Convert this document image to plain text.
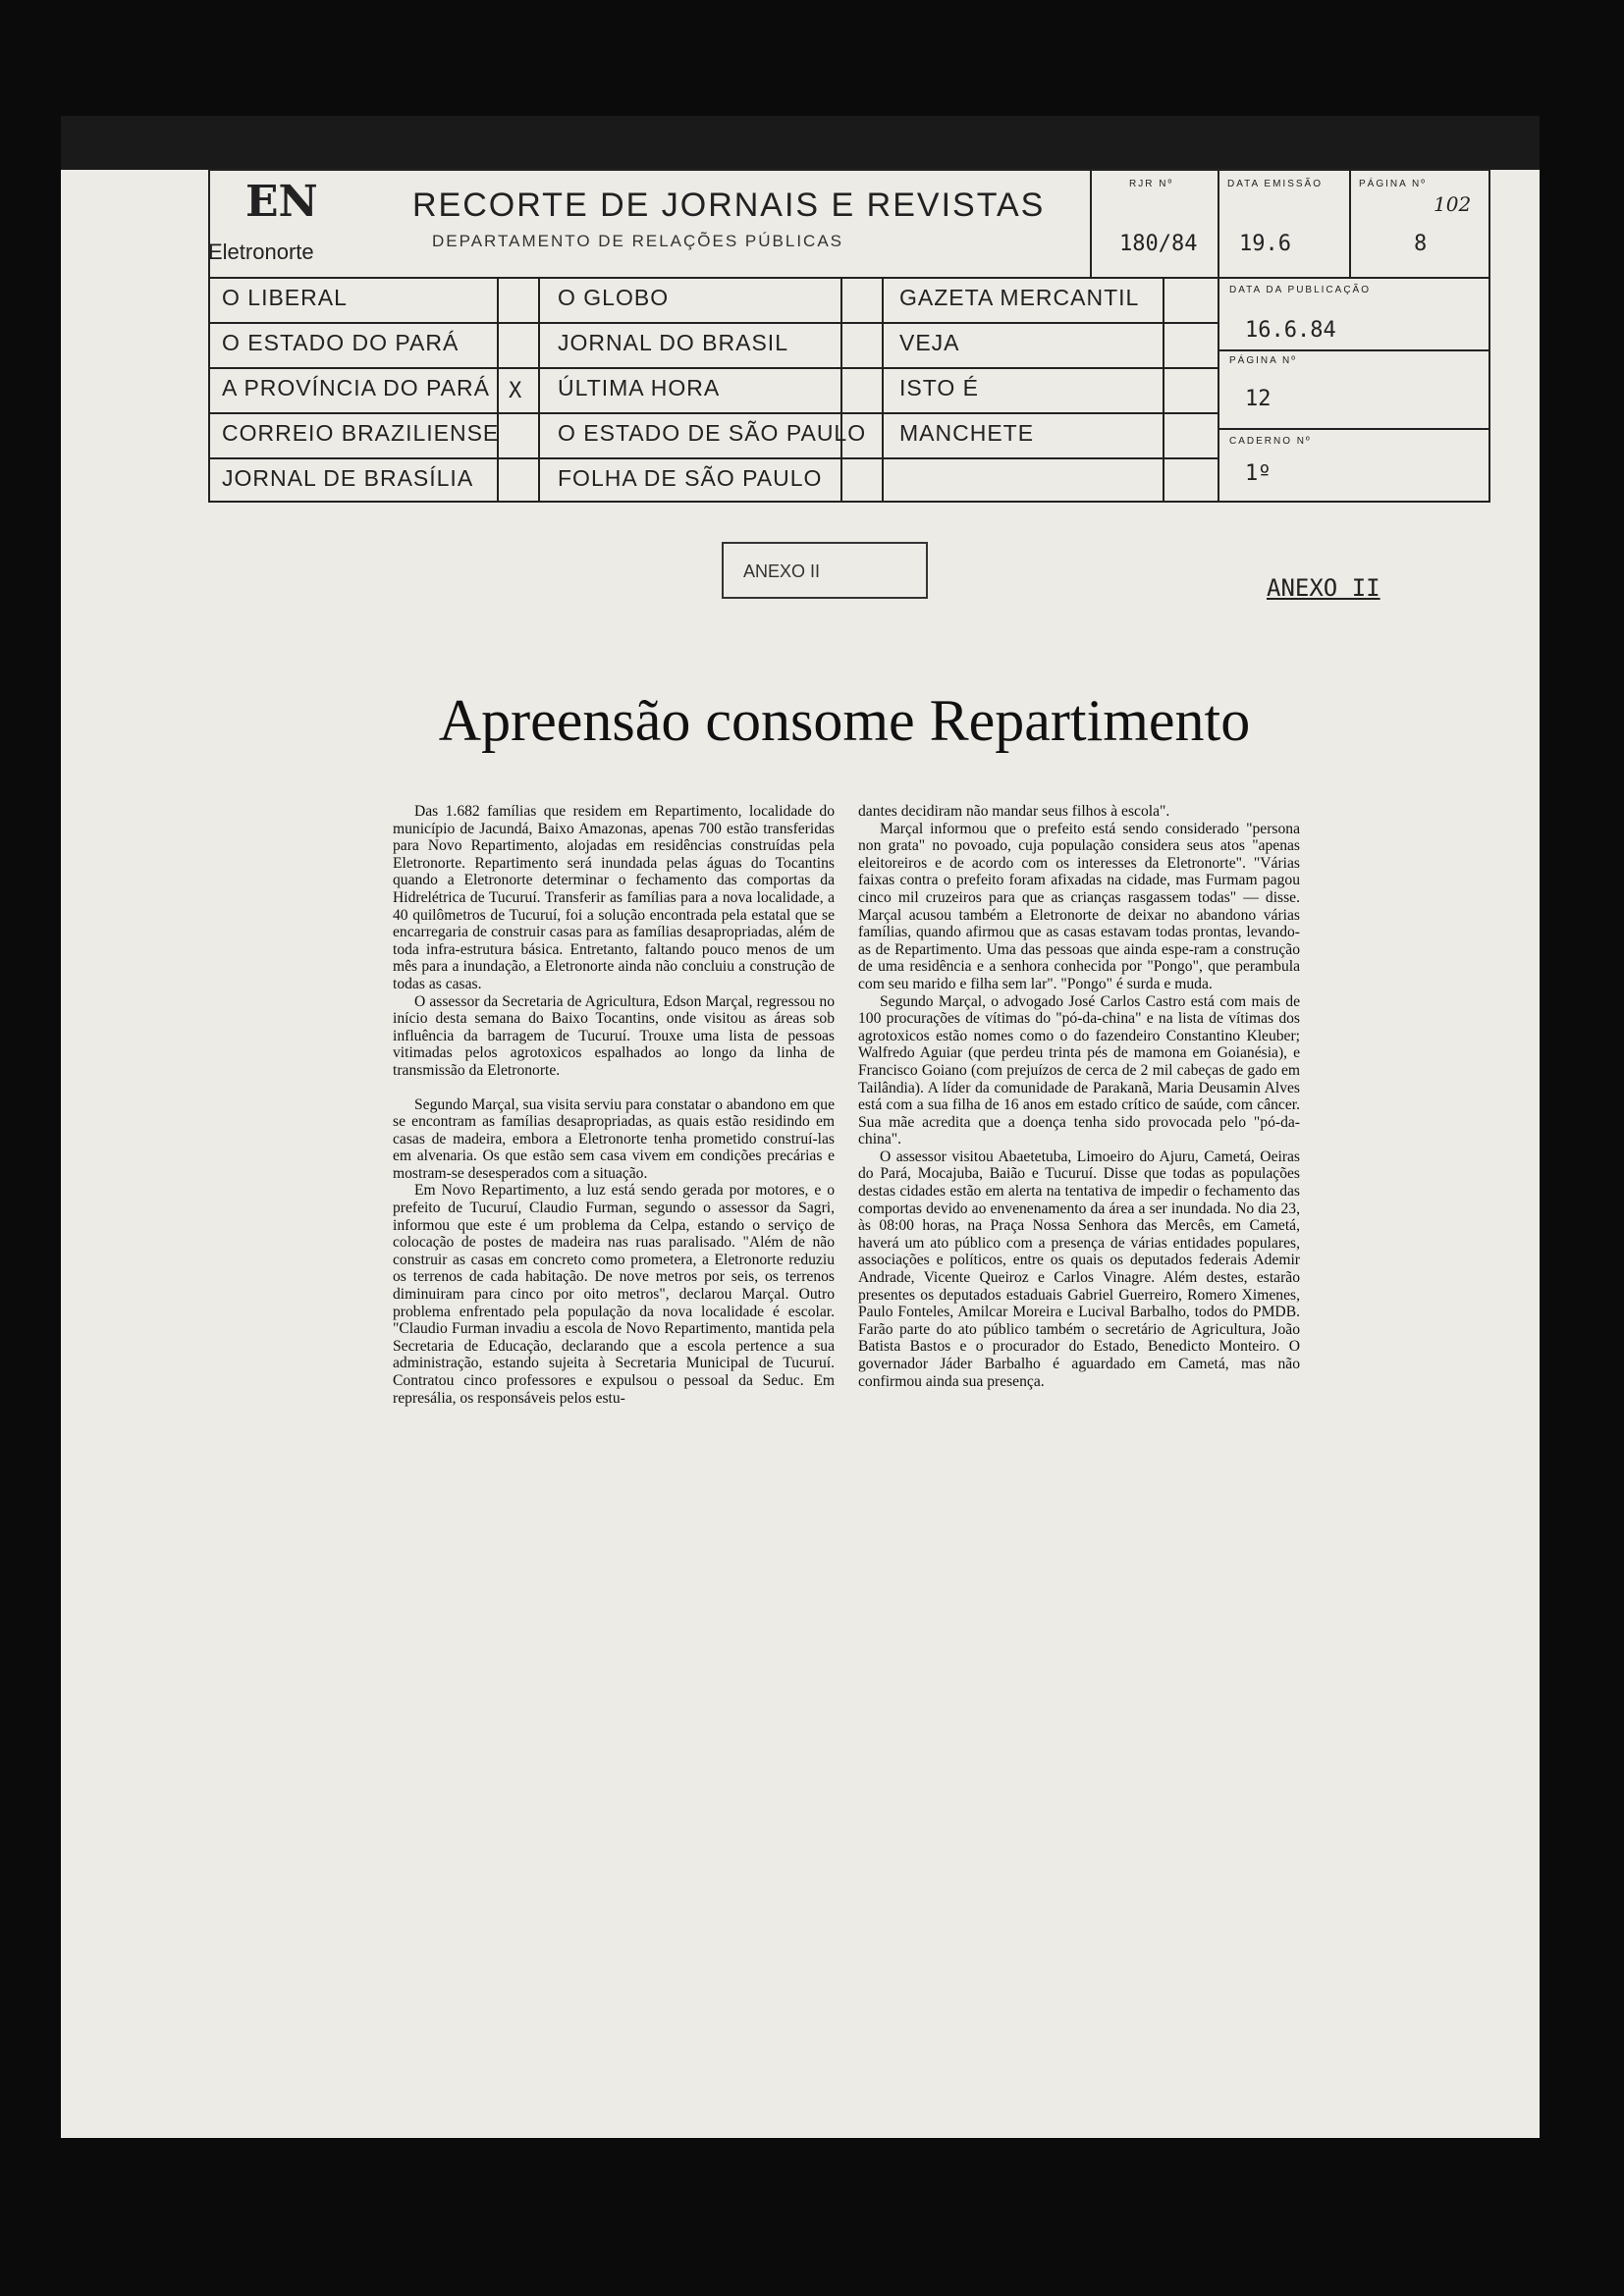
EN
Eletronorte
RECORTE DE JORNAIS E REVISTAS
DEPARTAMENTO DE RELAÇÕES PÚBLICAS
RJR Nº
180/84
DATA EMISSÃO
19.6
PÁGINA Nº
102
8
DATA DA PUBLICAÇÃO
16.6.84
PÁGINA Nº
12
CADERNO Nº
1º
O LIBERAL
O ESTADO DO PARÁ
A PROVÍNCIA DO PARÁ
CORREIO BRAZILIENSE
JORNAL DE BRASÍLIA
X
O GLOBO
JORNAL DO BRASIL
ÚLTIMA HORA
O ESTADO DE SÃO PAULO
FOLHA DE SÃO PAULO
GAZETA MERCANTIL
VEJA
ISTO É
MANCHETE
ANEXO II
ANEXO II
Apreensão consome Repartimento

Das 1.682 famílias que residem em Repartimento, localidade do município de Jacundá, Baixo Amazonas, apenas 700 estão transferidas para Novo Repartimento, alojadas em residências construídas pela Eletronorte. Repartimento será inundada pelas águas do Tocantins quando a Eletronorte determinar o fechamento das comportas da Hidrelétrica de Tucuruí. Transferir as famílias para a nova localidade, a 40 quilômetros de Tucuruí, foi a solução encontrada pela estatal que se encarregaria de construir casas para as famílias desapropriadas, além de toda infra-estrutura básica. Entretanto, faltando pouco menos de um mês para a inundação, a Eletronorte ainda não concluiu a construção de todas as casas.

O assessor da Secretaria de Agricultura, Edson Marçal, regressou no início desta semana do Baixo Tocantins, onde visitou as áreas sob influência da barragem de Tucuruí. Trouxe uma lista de pessoas vitimadas pelos agrotoxicos espalhados ao longo da linha de transmissão da Eletronorte.

Segundo Marçal, sua visita serviu para constatar o abandono em que se encontram as famílias desapropriadas, as quais estão residindo em casas de madeira, embora a Eletronorte tenha prometido construí-las em alvenaria. Os que estão sem casa vivem em condições precárias e mostram-se desesperados com a situação.

Em Novo Repartimento, a luz está sendo gerada por motores, e o prefeito de Tucuruí, Claudio Furman, segundo o assessor da Sagri, informou que este é um problema da Celpa, estando o serviço de colocação de postes de madeira nas ruas paralisado. "Além de não construir as casas em concreto como prometera, a Eletronorte reduziu os terrenos de cada habitação. De nove metros por seis, os terrenos diminuiram para cinco por oito metros", declarou Marçal. Outro problema enfrentado pela população da nova localidade é escolar. "Claudio Furman invadiu a escola de Novo Repartimento, mantida pela Secretaria de Educação, declarando que a escola pertence a sua administração, estando sujeita à Secretaria Municipal de Tucuruí. Contratou cinco professores e expulsou o pessoal da Seduc. Em represália, os responsáveis pelos estu-

dantes decidiram não mandar seus filhos à escola".

Marçal informou que o prefeito está sendo considerado "persona non grata" no povoado, cuja população considera seus atos "apenas eleitoreiros e de acordo com os interesses da Eletronorte". "Várias faixas contra o prefeito foram afixadas na cidade, mas Furmam pagou cinco mil cruzeiros para que as crianças rasgassem todas" — disse. Marçal acusou também a Eletronorte de deixar no abandono várias famílias, quando afirmou que as casas estavam todas prontas, levando-as de Repartimento. Uma das pessoas que ainda espe-ram a construção de uma residência e a senhora conhecida por "Pongo", que perambula com seu marido e filha sem lar". "Pongo" é surda e muda.

Segundo Marçal, o advogado José Carlos Castro está com mais de 100 procurações de vítimas do "pó-da-china" e na lista de vítimas dos agrotoxicos estão nomes como o do fazendeiro Constantino Kleuber; Walfredo Aguiar (que perdeu trinta pés de mamona em Goianésia), e Francisco Goiano (com prejuízos de cerca de 2 mil cabeças de gado em Tailândia). A líder da comunidade de Parakanã, Maria Deusamin Alves está com a sua filha de 16 anos em estado crítico de saúde, com câncer. Sua mãe acredita que a doença tenha sido provocada pelo "pó-da-china".

O assessor visitou Abaetetuba, Limoeiro do Ajuru, Cametá, Oeiras do Pará, Mocajuba, Baião e Tucuruí. Disse que todas as populações destas cidades estão em alerta na tentativa de impedir o fechamento das comportas devido ao envenenamento da área a ser inundada. No dia 23, às 08:00 horas, na Praça Nossa Senhora das Mercês, em Cametá, haverá um ato público com a presença de várias entidades populares, associações e políticos, entre os quais os deputados federais Ademir Andrade, Vicente Queiroz e Carlos Vinagre. Além destes, estarão presentes os deputados estaduais Gabriel Guerreiro, Romero Ximenes, Paulo Fonteles, Amilcar Moreira e Lucival Barbalho, todos do PMDB. Farão parte do ato público também o secretário de Agricultura, João Batista Bastos e o procurador do Estado, Benedicto Monteiro. O governador Jáder Barbalho é aguardado em Cametá, mas não confirmou ainda sua presença.
